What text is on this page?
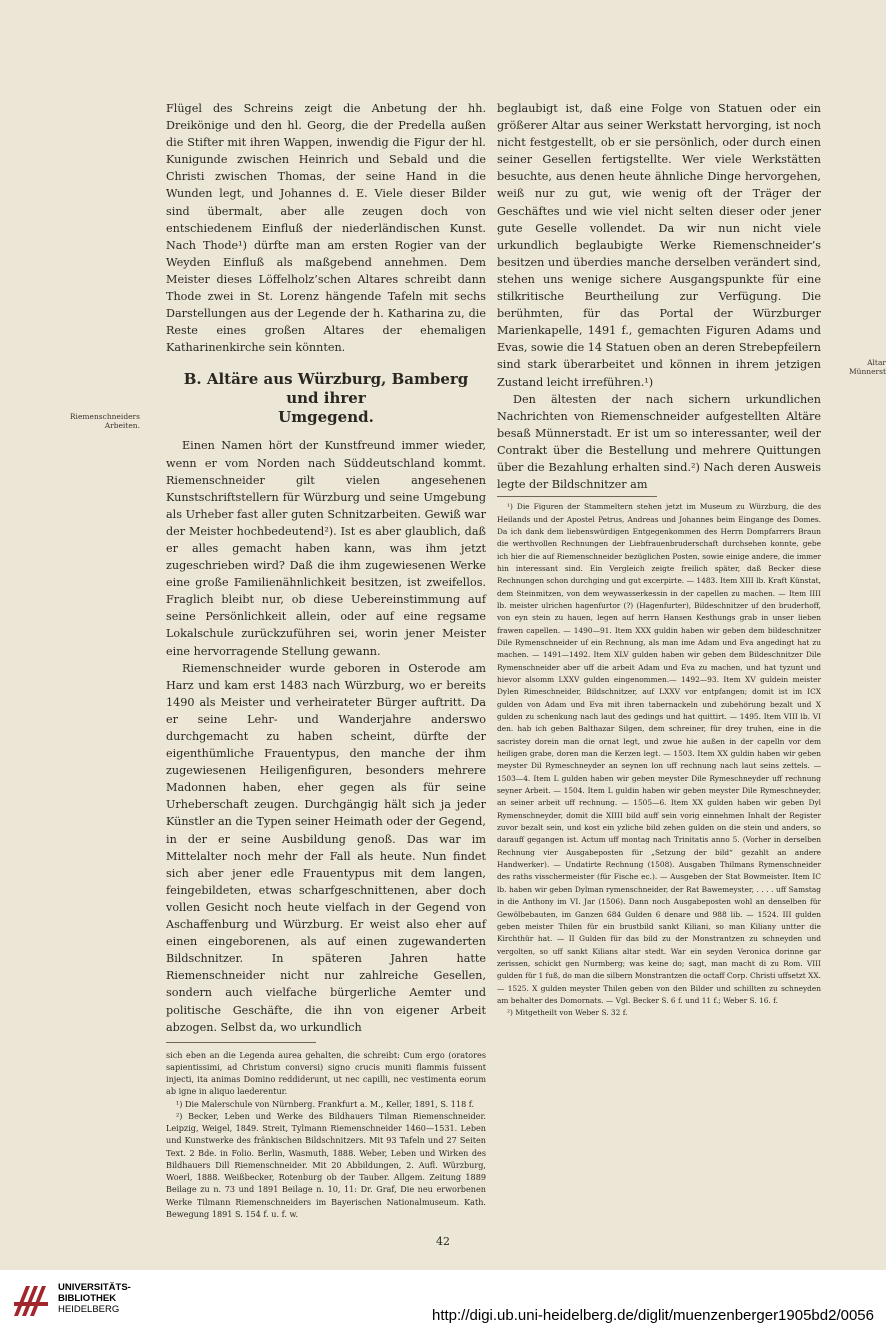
Riemenschneiders Arbeiten.
Altar Münnerst

Flügel des Schreins zeigt die Anbetung der hh. Dreikönige und den hl. Georg, die der Predella außen die Stifter mit ihren Wappen, inwendig die Figur der hl. Kunigunde zwischen Heinrich und Sebald und die Christi zwischen Thomas, der seine Hand in die Wunden legt, und Johannes d. E. Viele dieser Bilder sind übermalt, aber alle zeugen doch von entschiedenem Einfluß der niederländischen Kunst. Nach Thode¹) dürfte man am ersten Rogier van der Weyden Einfluß als maßgebend annehmen. Dem Meister dieses Löffelholz’schen Altares schreibt dann Thode zwei in St. Lorenz hängende Tafeln mit sechs Darstellungen aus der Legende der h. Katharina zu, die Reste eines großen Altares der ehemaligen Katharinenkirche sein könnten.

B. Altäre aus Würzburg, Bamberg und ihrer
Umgegend.

Einen Namen hört der Kunstfreund immer wieder, wenn er vom Norden nach Süddeutschland kommt. Riemenschneider gilt vielen angesehenen Kunstschriftstellern für Würzburg und seine Umgebung als Urheber fast aller guten Schnitzarbeiten. Gewiß war der Meister hochbedeutend²). Ist es aber glaublich, daß er alles gemacht haben kann, was ihm jetzt zugeschrieben wird? Daß die ihm zugewiesenen Werke eine große Familienähnlichkeit besitzen, ist zweifellos. Fraglich bleibt nur, ob diese Uebereinstimmung auf seine Persönlichkeit allein, oder auf eine regsame Lokalschule zurückzuführen sei, worin jener Meister eine hervorragende Stellung gewann.

Riemenschneider wurde geboren in Osterode am Harz und kam erst 1483 nach Würzburg, wo er bereits 1490 als Meister und verheirateter Bürger auftritt. Da er seine Lehr- und Wanderjahre anderswo durchgemacht zu haben scheint, dürfte der eigenthümliche Frauentypus, den manche der ihm zugewiesenen Heiligenfiguren, besonders mehrere Madonnen haben, eher gegen als für seine Urheberschaft zeugen. Durchgängig hält sich ja jeder Künstler an die Typen seiner Heimath oder der Gegend, in der er seine Ausbildung genoß. Das war im Mittelalter noch mehr der Fall als heute. Nun findet sich aber jener edle Frauentypus mit dem langen, feingebildeten, etwas scharfgeschnittenen, aber doch vollen Gesicht noch heute vielfach in der Gegend von Aschaffenburg und Würzburg. Er weist also eher auf einen eingeborenen, als auf einen zugewanderten Bildschnitzer. In späteren Jahren hatte Riemenschneider nicht nur zahlreiche Gesellen, sondern auch vielfache bürgerliche Aemter und politische Geschäfte, die ihn von eigener Arbeit abzogen. Selbst da, wo urkundlich

sich eben an die Legenda aurea gehalten, die schreibt: Cum ergo (oratores sapientissimi, ad Christum conversi) signo crucis muniti flammis fuissent injecti, ita animas Domino reddiderunt, ut nec capilli, nec vestimenta eorum ab igne in aliquo laederentur.

¹) Die Malerschule von Nürnberg. Frankfurt a. M., Keller, 1891, S. 118 f.

²) Becker, Leben und Werke des Bildhauers Tilman Riemenschneider. Leipzig, Weigel, 1849. Streit, Tylmann Riemenschneider 1460—1531. Leben und Kunstwerke des fränkischen Bildschnitzers. Mit 93 Tafeln und 27 Seiten Text. 2 Bde. in Folio. Berlin, Wasmuth, 1888. Weber, Leben und Wirken des Bildhauers Dill Riemenschneider. Mit 20 Abbildungen, 2. Aufl. Würzburg, Woerl, 1888. Weißbecker, Rotenburg ob der Tauber. Allgem. Zeitung 1889 Beilage zu n. 73 und 1891 Beilage n. 10, 11: Dr. Graf, Die neu erworbenen Werke Tilmann Riemenschneiders im Bayerischen Nationalmuseum. Kath. Bewegung 1891 S. 154 f. u. f. w.

beglaubigt ist, daß eine Folge von Statuen oder ein größerer Altar aus seiner Werkstatt hervorging, ist noch nicht festgestellt, ob er sie persönlich, oder durch einen seiner Gesellen fertigstellte. Wer viele Werkstätten besuchte, aus denen heute ähnliche Dinge hervorgehen, weiß nur zu gut, wie wenig oft der Träger der Geschäftes und wie viel nicht selten dieser oder jener gute Geselle vollendet. Da wir nun nicht viele urkundlich beglaubigte Werke Riemenschneider’s besitzen und überdies manche derselben verändert sind, stehen uns wenige sichere Ausgangspunkte für eine stilkritische Beurtheilung zur Verfügung. Die berühmten, für das Portal der Würzburger Marienkapelle, 1491 f., gemachten Figuren Adams und Evas, sowie die 14 Statuen oben an deren Strebepfeilern sind stark überarbeitet und können in ihrem jetzigen Zustand leicht irreführen.¹)

Den ältesten der nach sichern urkundlichen Nachrichten von Riemenschneider aufgestellten Altäre besaß Münnerstadt. Er ist um so interessanter, weil der Contrakt über die Bestellung und mehrere Quittungen über die Bezahlung erhalten sind.²) Nach deren Ausweis legte der Bildschnitzer am

¹) Die Figuren der Stammeltern stehen jetzt im Museum zu Würzburg, die des Heilands und der Apostel Petrus, Andreas und Johannes beim Eingange des Domes. Da ich dank dem liebenswürdigen Entgegenkommen des Herrn Dompfarrers Braun die werthvollen Rechnungen der Liebfrauenbruderschaft durchsehen konnte, gebe ich hier die auf Riemenschneider bezüglichen Posten, sowie einige andere, die immer hin interessant sind. Ein Vergleich zeigte freilich später, daß Becker diese Rechnungen schon durchging und gut excerpirte. — 1483. Item XIII lb. Kraft Künstat, dem Steinmitzen, von dem weywasserkessin in der capellen zu machen. — Item IIII lb. meister ulrichen hagenfurtor (?) (Hagenfurter), Bildeschnitzer uf den bruderhoff, von eyn stein zu hauen, legen auf herrn Hansen Kesthungs grab in unser lieben frawen capellen. — 1490—91. Item XXX guldin haben wir geben dem bildeschnitzer Dile Rymenschneider uf ein Rechnung, als man ime Adam und Eva angedingt hat zu machen. — 1491—1492. Item XLV gulden haben wir geben dem Bildeschnitzer Dile Rymenschneider aber uff die arbeit Adam und Eva zu machen, und hat tyzunt und hievor alsomm LXXV gulden eingenommen.— 1492—93. Item XV guldein meister Dylen Rimeschneider, Bildschnitzer, auf LXXV vor entpfangen; domit ist im ICX gulden von Adam und Eva mit ihren tabernackeln und zubehörung bezalt und X gulden zu schenkung nach laut des gedings und hat quittirt. — 1495. Item VIII lb. VI den. hab ich geben Balthazar Silgen, dem schreiner, für drey truhen, eine in die sacristey dorein man die ornat legt, und zwue hie außen in der capelln vor dem heiligen grabe, doren man die Kerzen legt. — 1503. Item XX guldin haben wir geben meyster Dil Rymeschneyder an seynen lon uff rechnung nach laut seins zettels. — 1503—4. Item L gulden haben wir geben meyster Dile Rymeschneyder uff rechnung seyner Arbeit. — 1504. Item L guldin haben wir geben meyster Dile Rymeschneyder, an seiner arbeit uff rechnung. — 1505—6. Item XX gulden haben wir geben Dyl Rymenschneyder, domit die XIIII bild auff sein vorig einnehmen Inhalt der Register zuvor bezalt sein, und kost ein yzliche bild zehen gulden on die stein und anders, so darauff gegangen ist. Actum uff montag nach Trinitatis anno 5. (Vorher in derselben Rechnung vier Ausgabeposten für „Setzung der bild“ gezahlt an andere Handwerker). — Undatirte Rechnung (1508). Ausgaben Thilmans Rymenschneider des raths visschermeister (für Fische ec.). — Ausgeben der Stat Bowmeister. Item IC lb. haben wir geben Dylman rymenschneider, der Rat Bawemeyster, . . . . uff Samstag in die Anthony im VI. Jar (1506). Dann noch Ausgabeposten wohl an denselben für Gewölbebauten, im Ganzen 684 Gulden 6 denare und 988 lib. — 1524. III gulden geben meister Thilen für ein brustbild sankt Kiliani, so man Kiliany untter die Kirchthür hat. — II Gulden für das bild zu der Monstrantzen zu schneyden und vergolten, so uff sankt Kilians altar stedt. War ein seyden Veronica dorinne gar zerissen, schickt gen Nurmberg; was keine do; sagt, man macht di zu Rom. VIII gulden für 1 fuß, do man die silbern Monstrantzen die octaff Corp. Christi uffsetzt XX. — 1525. X gulden meyster Thilen geben von den Bilder und schillten zu schneyden am behalter des Domornats. — Vgl. Becker S. 6 f. und 11 f.; Weber S. 16. f.

²) Mitgetheilt von Weber S. 32 f.

42
UNIVERSITÄTS-
BIBLIOTHEK
HEIDELBERG	http://digi.ub.uni-heidelberg.de/diglit/muenzenberger1905bd2/0056
